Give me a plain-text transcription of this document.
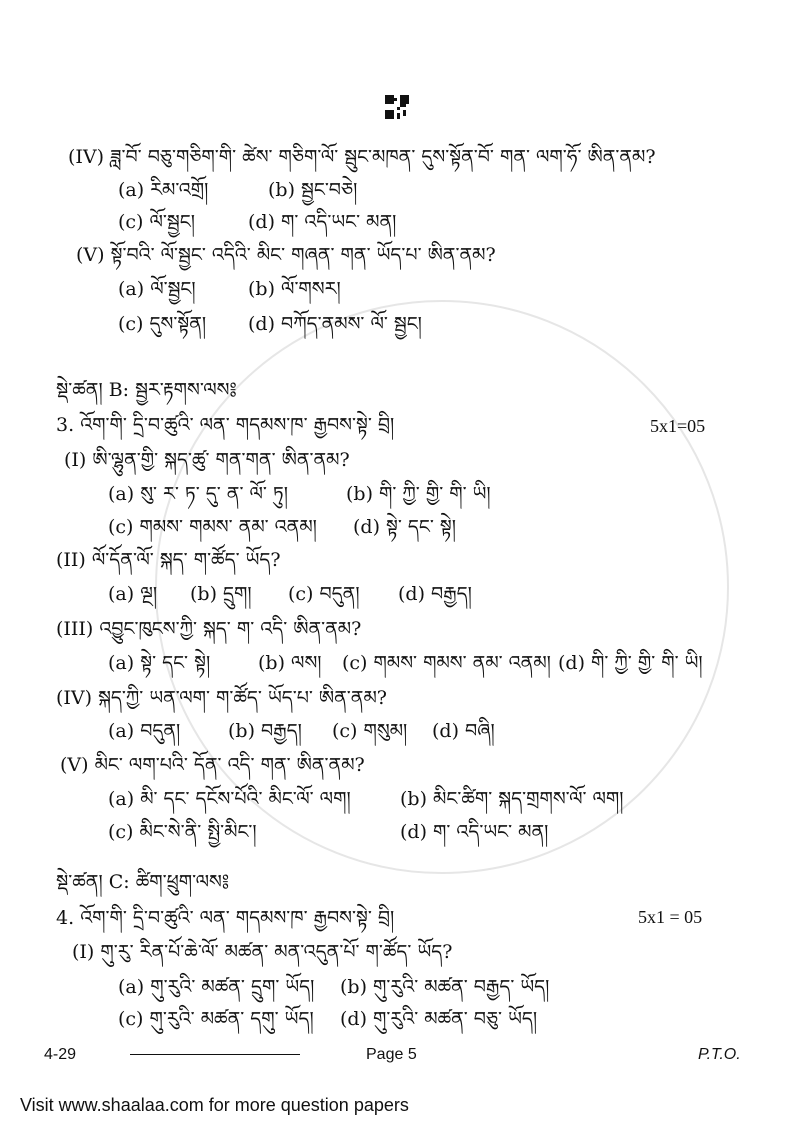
(IV) ཟླ་བོ་ བཅུ་གཅིག་གི་ ཚེས་ གཅིག་ལོ་ སྦུང་མཁན་ དུས་སྟོན་བོ་ གན་ ལག་ཧོ་ ཨིན་ནམ?
(a) རིམ་འགྲོ།	(b) སྦྱང་བཅེ།
(c) ལོ་སྦྱང།	(d) ག་ འདི་ཡང་ མན།
(V) སྟོ་བའི་ ལོ་སྦྱང་ འདིའི་ མིང་ གཞན་ གན་ ཡོད་པ་ ཨིན་ནམ?
(a) ལོ་སྦྱང།	(b) ལོ་གསར།
(c) དུས་སྟོན། (d) བཀོད་ནམས་ ལོ་ སྦྱང།
སྡེ་ཚན། B: སྦྱར་རྟགས་ལས༔
3. འོག་གི་ དྲི་བ་ཚུའི་ ལན་ གདམས་ཁ་ རྒྱབས་སྟེ་ བྲི།	5x1=05
(I) ཨི་ལྷུན་གྱི་ སྐད་ཚུ་ གན་གན་ ཨིན་ནམ?
(a) སུ་ ར་ ཏ་ དུ་ ན་ ལོ་ ཏུ།	(b) གི་ ཀྱི་ གྱི་ གི་ ཡི།
(c) གམས་ གམས་ ནམ་ འནམ། (d) སྟེ་ དང་ སྟེ།
(II) ལོ་དོན་ལོ་ སྐད་ ག་ཚོད་ ཡོད?
(a) ལྔ། (b) དྲུག། (c) བདུན། (d) བརྒྱད།
(III) འབྱུང་ཁུངས་ཀྱི་ སྐད་ ག་ འདི་ ཨིན་ནམ?
(a) སྟེ་ དང་ སྟེ།	(b) ལས། (c) གམས་ གམས་ ནམ་ འནམ། (d) གི་ ཀྱི་ གྱི་ གི་ ཡི།
(IV) སྐད་ཀྱི་ ཡན་ལག་ ག་ཚོད་ ཡོད་པ་ ཨིན་ནམ?
(a) བདུན།	(b) བརྒྱད། (c) གསུམ། (d) བཞི།
(V) མིང་ ལག་པའི་ དོན་ འདི་ གན་ ཨིན་ནམ?
(a) མི་ དང་ དངོས་པོའི་ མིང་ལོ་ ལག།	(b) མིང་ཚིག་ སྐད་གྲགས་ལོ་ ལག།
(c) མིང་སེ་ནི་ སྤྱི་མིང་།	(d) ག་ འདི་ཡང་ མན།
སྡེ་ཚན། C: ཚིག་ཕྲུག་ལས༔
4. འོག་གི་ དྲི་བ་ཚུའི་ ལན་ གདམས་ཁ་ རྒྱབས་སྟེ་ བྲི།	5x1 = 05
(I) གུ་རུ་ རིན་པོ་ཆེ་ལོ་ མཚན་ མན་འདུན་པོ་ ག་ཚོད་ ཡོད?
(a) གུ་རུའི་ མཚན་ དྲུག་ ཡོད། (b) གུ་རུའི་ མཚན་ བརྒྱད་ ཡོད།
(c) གུ་རུའི་ མཚན་ དགུ་ ཡོད། (d) གུ་རུའི་ མཚན་ བཅུ་ ཡོད།
4-29	Page 5	P.T.O.
Visit www.shaalaa.com for more question papers
